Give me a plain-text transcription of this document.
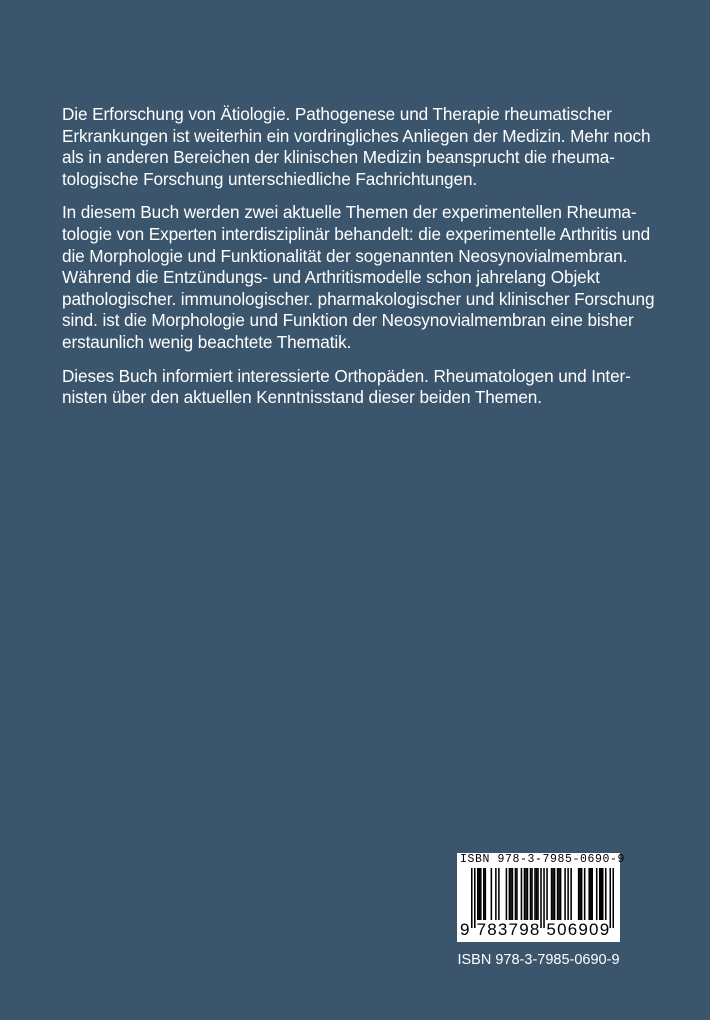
Die Erforschung von Ätiologie. Pathogenese und Therapie rheumatischer
Erkrankungen ist weiterhin ein vordringliches Anliegen der Medizin. Mehr noch
als in anderen Bereichen der klinischen Medizin beansprucht die rheuma-
tologische Forschung unterschiedliche Fachrichtungen.
In diesem Buch werden zwei aktuelle Themen der experimentellen Rheuma-
tologie von Experten interdisziplinär behandelt: die experimentelle Arthritis und
die Morphologie und Funktionalität der sogenannten Neosynovialmembran.
Während die Entzündungs- und Arthritismodelle schon jahrelang Objekt
pathologischer. immunologischer. pharmakologischer und klinischer Forschung
sind. ist die Morphologie und Funktion der Neosynovialmembran eine bisher
erstaunlich wenig beachtete Thematik.
Dieses Buch informiert interessierte Orthopäden. Rheumatologen und Inter-
nisten über den aktuellen Kenntnisstand dieser beiden Themen.
ISBN 978-3-7985-0690-9
9 783798 506909
ISBN 978-3-7985-0690-9
